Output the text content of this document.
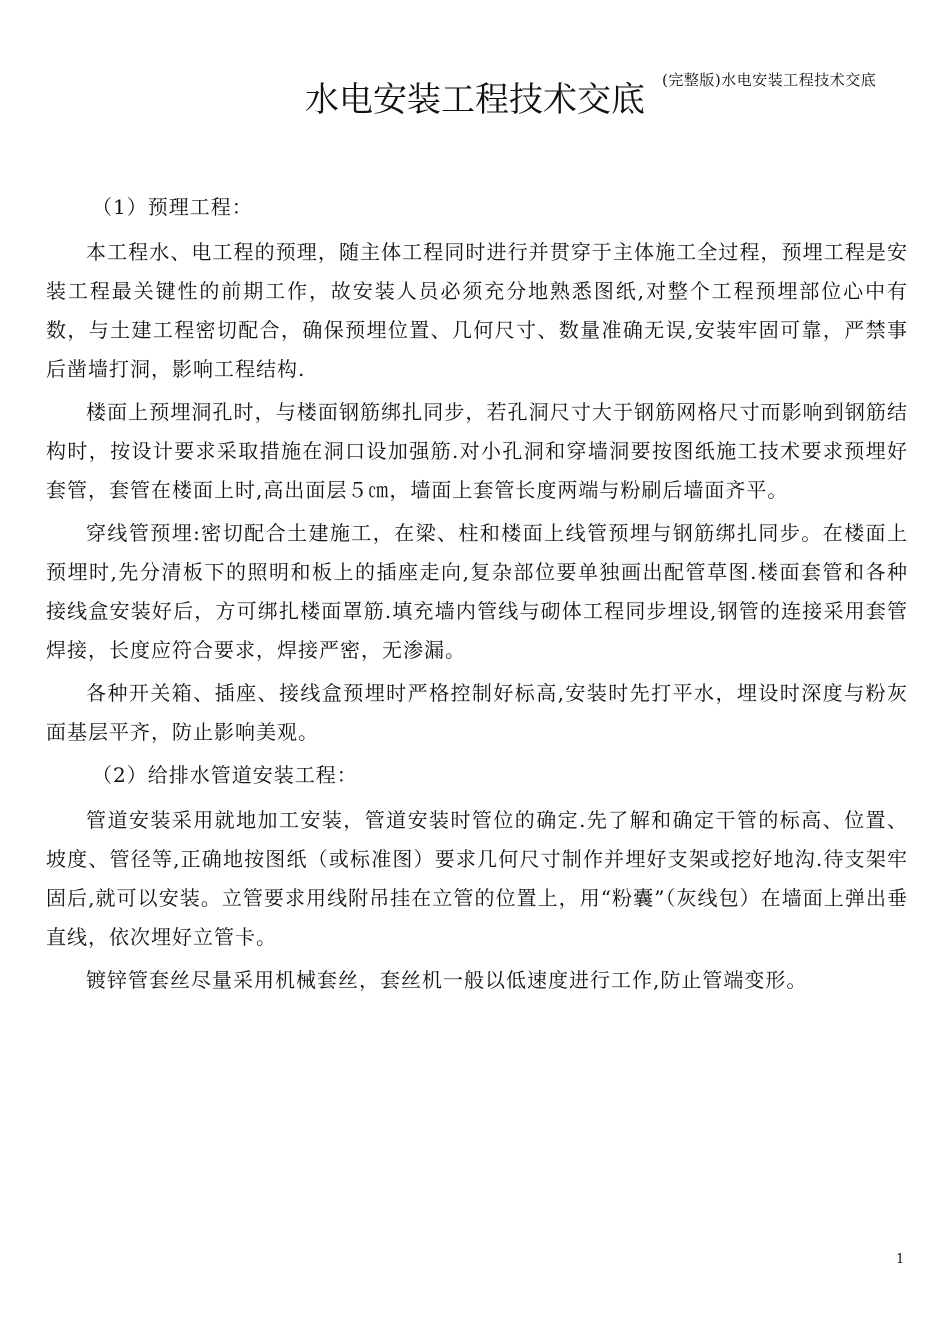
(完整版)水电安装工程技术交底
水电安装工程技术交底

（1）预理工程：

本工程水、电工程的预理，随主体工程同时进行并贯穿于主体施工全过程，预埋工程是安装工程最关键性的前期工作，故安装人员必须充分地熟悉图纸,对整个工程预埋部位心中有数，与土建工程密切配合，确保预埋位置、几何尺寸、数量准确无误,安装牢固可靠，严禁事后凿墙打洞，影响工程结构.

楼面上预埋洞孔时，与楼面钢筋绑扎同步，若孔洞尺寸大于钢筋网格尺寸而影响到钢筋结构时，按设计要求采取措施在洞口设加强筋.对小孔洞和穿墙洞要按图纸施工技术要求预埋好套管，套管在楼面上时,高出面层５㎝，墙面上套管长度两端与粉刷后墙面齐平。

穿线管预埋:密切配合土建施工，在梁、柱和楼面上线管预埋与钢筋绑扎同步。在楼面上预埋时,先分清板下的照明和板上的插座走向,复杂部位要单独画出配管草图.楼面套管和各种接线盒安装好后，方可绑扎楼面罩筋.填充墙内管线与砌体工程同步埋设,钢管的连接采用套管焊接，长度应符合要求，焊接严密，无渗漏。

各种开关箱、插座、接线盒预埋时严格控制好标高,安装时先打平水，埋设时深度与粉灰面基层平齐，防止影响美观。

（2）给排水管道安装工程：

管道安装采用就地加工安装，管道安装时管位的确定.先了解和确定干管的标高、位置、坡度、管径等,正确地按图纸（或标准图）要求几何尺寸制作并埋好支架或挖好地沟.待支架牢固后,就可以安装。立管要求用线附吊挂在立管的位置上，用“粉囊”（灰线包）在墙面上弹出垂直线，依次埋好立管卡。

镀锌管套丝尽量采用机械套丝，套丝机一般以低速度进行工作,防止管端变形。

1
